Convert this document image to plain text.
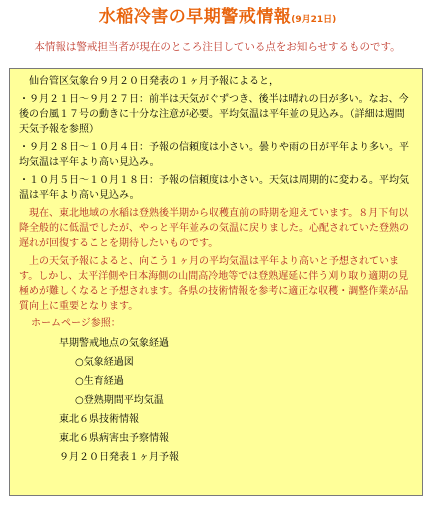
水稲冷害の早期警戒情報(9月21日)
本情報は警戒担当者が現在のところ注目している点をお知らせするものです。

仙台管区気象台９月２０日発表の１ヶ月予報によると，

・９月２１日～９月２７日：前半は天気がぐずつき、後半は晴れの日が多い。なお、今後の台風１７号の動きに十分な注意が必要。平均気温は平年並の見込み。（詳細は週間天気予報を参照）

・９月２８日～１０月４日：予報の信頼度は小さい。曇りや雨の日が平年より多い。平均気温は平年より高い見込み。

・１０月５日～１０月１８日：予報の信頼度は小さい。天気は周期的に変わる。平均気温は平年より高い見込み。

現在、東北地域の水稲は登熟後半期から収穫直前の時期を迎えています。８月下旬以降全般的に低温でしたが、やっと平年並みの気温に戻りました。心配されていた登熟の遅れが回復することを期待したいものです。

上の天気予報によると、向こう１ヶ月の平均気温は平年より高いと予想されています。しかし、太平洋側や日本海側の山間高冷地等では登熟遅延に伴う刈り取り適期の見極めが難しくなると予想されます。各県の技術情報を参考に適正な収穫・調整作業が品質向上に重要となります。

ホームページ参照：
早期警戒地点の気象経過
○気象経過図
○生育経過
○登熟期間平均気温
東北６県技術情報
東北６県病害虫予察情報
９月２０日発表１ヶ月予報
